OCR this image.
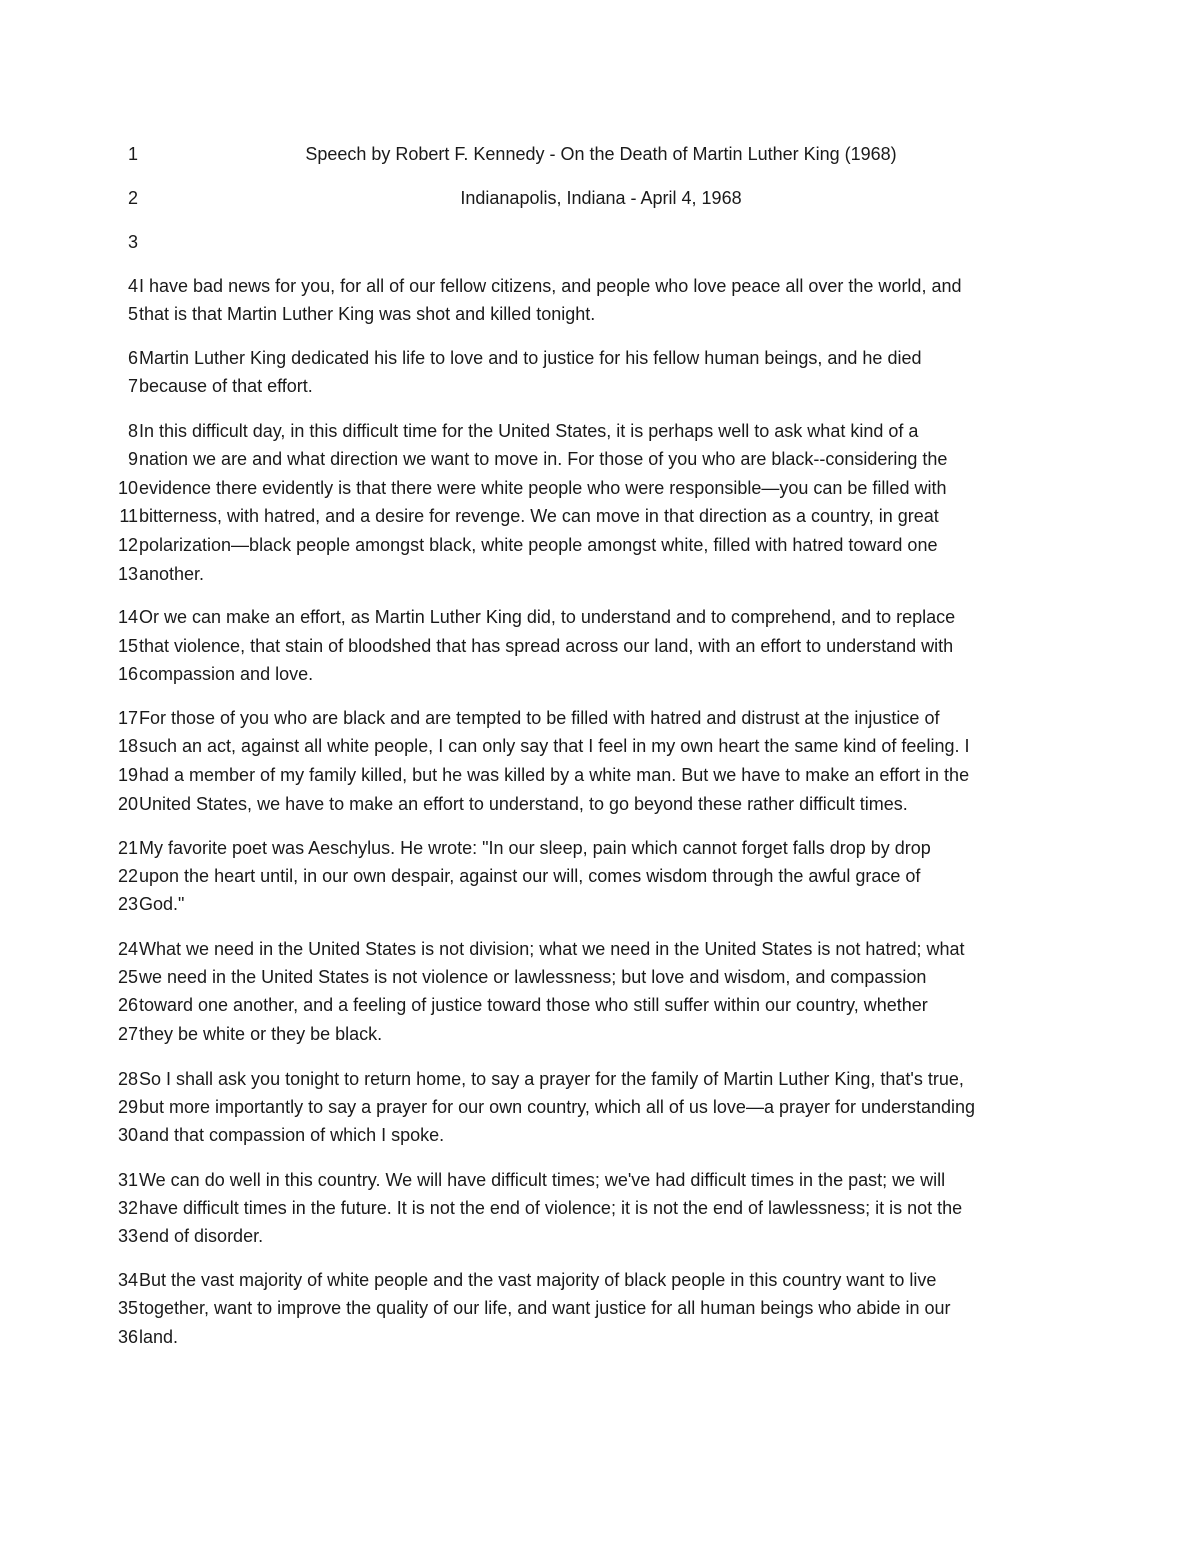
1	Speech by Robert F. Kennedy - On the Death of Martin Luther King (1968)
2	Indianapolis, Indiana - April 4, 1968
3
4 I have bad news for you, for all of our fellow citizens, and people who love peace all over the world, and
5 that is that Martin Luther King was shot and killed tonight.
6 Martin Luther King dedicated his life to love and to justice for his fellow human beings, and he died
7 because of that effort.
8 In this difficult day, in this difficult time for the United States, it is perhaps well to ask what kind of a
9 nation we are and what direction we want to move in. For those of you who are black--considering the
10 evidence there evidently is that there were white people who were responsible—you can be filled with
11 bitterness, with hatred, and a desire for revenge. We can move in that direction as a country, in great
12 polarization—black people amongst black, white people amongst white, filled with hatred toward one
13 another.
14 Or we can make an effort, as Martin Luther King did, to understand and to comprehend, and to replace
15 that violence, that stain of bloodshed that has spread across our land, with an effort to understand with
16 compassion and love.
17 For those of you who are black and are tempted to be filled with hatred and distrust at the injustice of
18 such an act, against all white people, I can only say that I feel in my own heart the same kind of feeling. I
19 had a member of my family killed, but he was killed by a white man. But we have to make an effort in the
20 United States, we have to make an effort to understand, to go beyond these rather difficult times.
21 My favorite poet was Aeschylus. He wrote: "In our sleep, pain which cannot forget falls drop by drop
22 upon the heart until, in our own despair, against our will, comes wisdom through the awful grace of
23 God."
24 What we need in the United States is not division; what we need in the United States is not hatred; what
25 we need in the United States is not violence or lawlessness; but love and wisdom, and compassion
26 toward one another, and a feeling of justice toward those who still suffer within our country, whether
27 they be white or they be black.
28 So I shall ask you tonight to return home, to say a prayer for the family of Martin Luther King, that's true,
29 but more importantly to say a prayer for our own country, which all of us love—a prayer for understanding
30 and that compassion of which I spoke.
31 We can do well in this country. We will have difficult times; we've had difficult times in the past; we will
32 have difficult times in the future. It is not the end of violence; it is not the end of lawlessness; it is not the
33 end of disorder.
34 But the vast majority of white people and the vast majority of black people in this country want to live
35 together, want to improve the quality of our life, and want justice for all human beings who abide in our
36 land.
